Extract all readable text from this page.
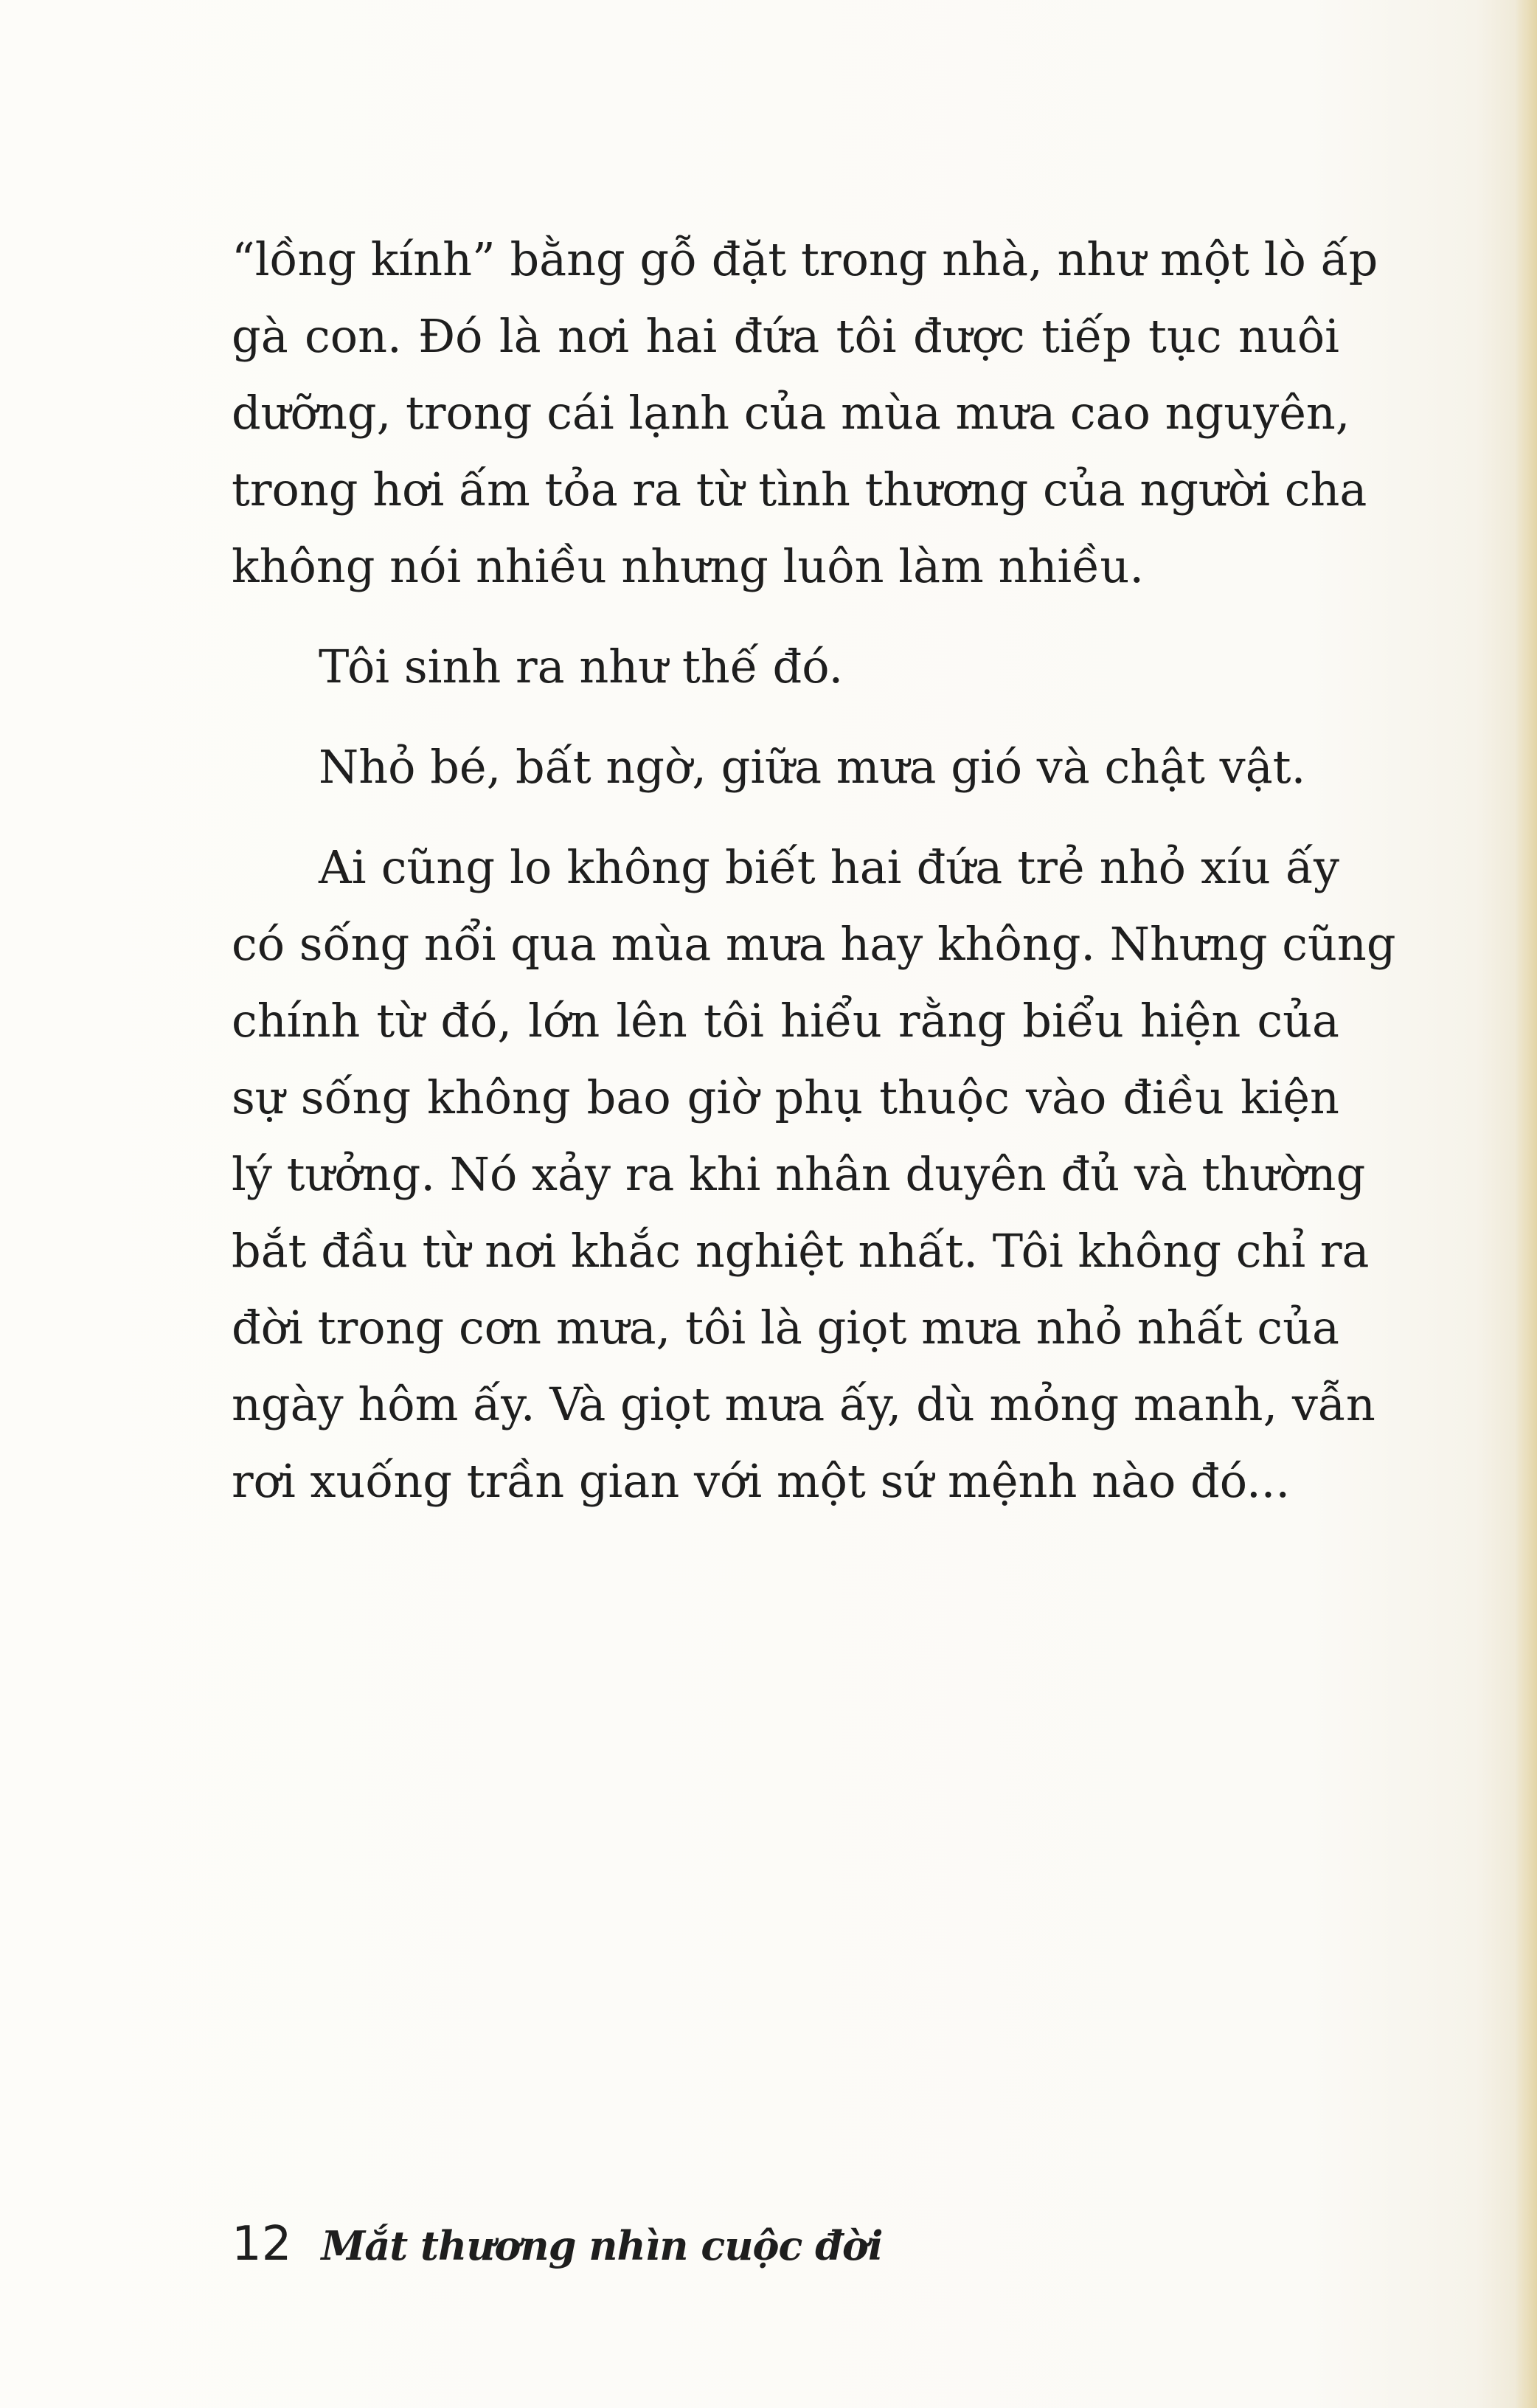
“lồng kính” bằng gỗ đặt trong nhà, như một lò ấp
gà con. Đó là nơi hai đứa tôi được tiếp tục nuôi
dưỡng, trong cái lạnh của mùa mưa cao nguyên,
trong hơi ấm tỏa ra từ tình thương của người cha
không nói nhiều nhưng luôn làm nhiều.

Tôi sinh ra như thế đó.

Nhỏ bé, bất ngờ, giữa mưa gió và chật vật.

Ai cũng lo không biết hai đứa trẻ nhỏ xíu ấy
có sống nổi qua mùa mưa hay không. Nhưng cũng
chính từ đó, lớn lên tôi hiểu rằng biểu hiện của
sự sống không bao giờ phụ thuộc vào điều kiện
lý tưởng. Nó xảy ra khi nhân duyên đủ và thường
bắt đầu từ nơi khắc nghiệt nhất. Tôi không chỉ ra
đời trong cơn mưa, tôi là giọt mưa nhỏ nhất của
ngày hôm ấy. Và giọt mưa ấy, dù mỏng manh, vẫn
rơi xuống trần gian với một sứ mệnh nào đó...

12 Mắt thương nhìn cuộc đời
